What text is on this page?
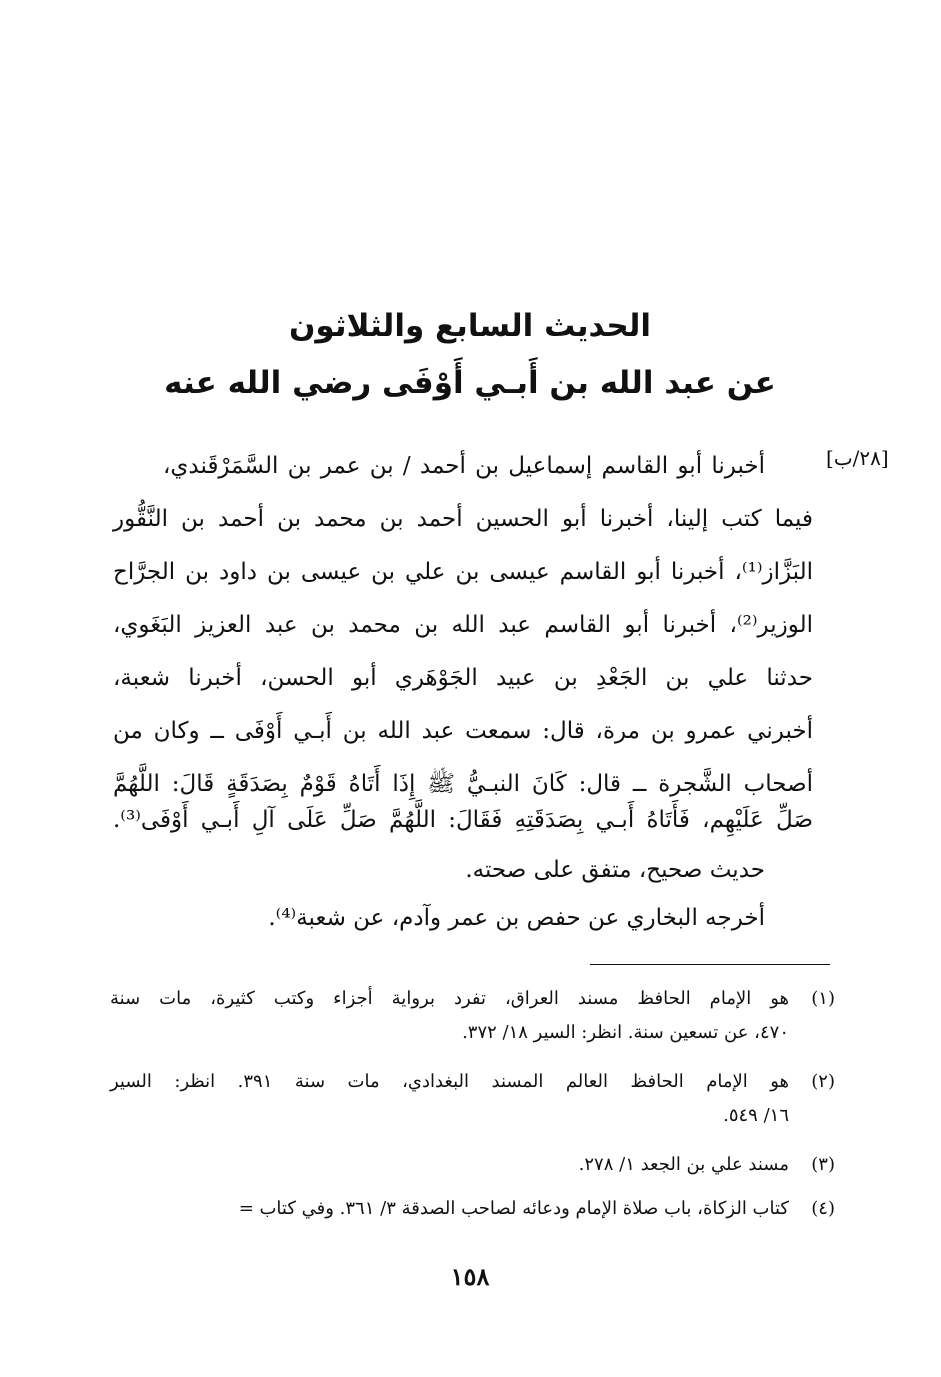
الحديث السابع والثلاثون
عن عبد الله بن أَبـي أَوْفَى رضي الله عنه
[٢٨/ب]
أخبرنا أبو القاسم إسماعيل بن أحمد / بن عمر بن السَّمَرْقَندي،
فيما كتب إلينا، أخبرنا أبو الحسين أحمد بن محمد بن أحمد بن النَّقُّور
البَزَّاز⁽¹⁾، أخبرنا أبو القاسم عيسى بن علي بن عيسى بن داود بن الجرَّاح
الوزير⁽²⁾، أخبرنا أبو القاسم عبد الله بن محمد بن عبد العزيز البَغَوي،
حدثنا علي بن الجَعْدِ بن عبيد الجَوْهَري أبو الحسن، أخبرنا شعبة،
أخبرني عمرو بن مرة، قال: سمعت عبد الله بن أَبـي أَوْفَى ــ وكان من
أصحاب الشَّجرة ــ قال: كَانَ النبـيُّ ﷺ إِذَا أَتَاهُ قَوْمٌ بِصَدَقَةٍ قَالَ: اللَّهُمَّ
صَلِّ عَلَيْهِم، فَأَتَاهُ أَبـي بِصَدَقَتِهِ فَقَالَ: اللَّهُمَّ صَلِّ عَلَى آلِ أَبـي أَوْفَى⁽³⁾.
حديث صحيح، متفق على صحته.
أخرجه البخاري عن حفص بن عمر وآدم، عن شعبة⁽⁴⁾.
(١)
هو الإمام الحافظ مسند العراق، تفرد برواية أجزاء وكتب كثيرة، مات سنة
٤٧٠، عن تسعين سنة. انظر: السير ١٨/ ٣٧٢.
(٢)
هو الإمام الحافظ العالم المسند البغدادي، مات سنة ٣٩١. انظر: السير
١٦/ ٥٤٩.
(٣)
مسند علي بن الجعد ١/ ٢٧٨.
(٤)
كتاب الزكاة، باب صلاة الإمام ودعائه لصاحب الصدقة ٣/ ٣٦١. وفي كتاب =
١٥٨
